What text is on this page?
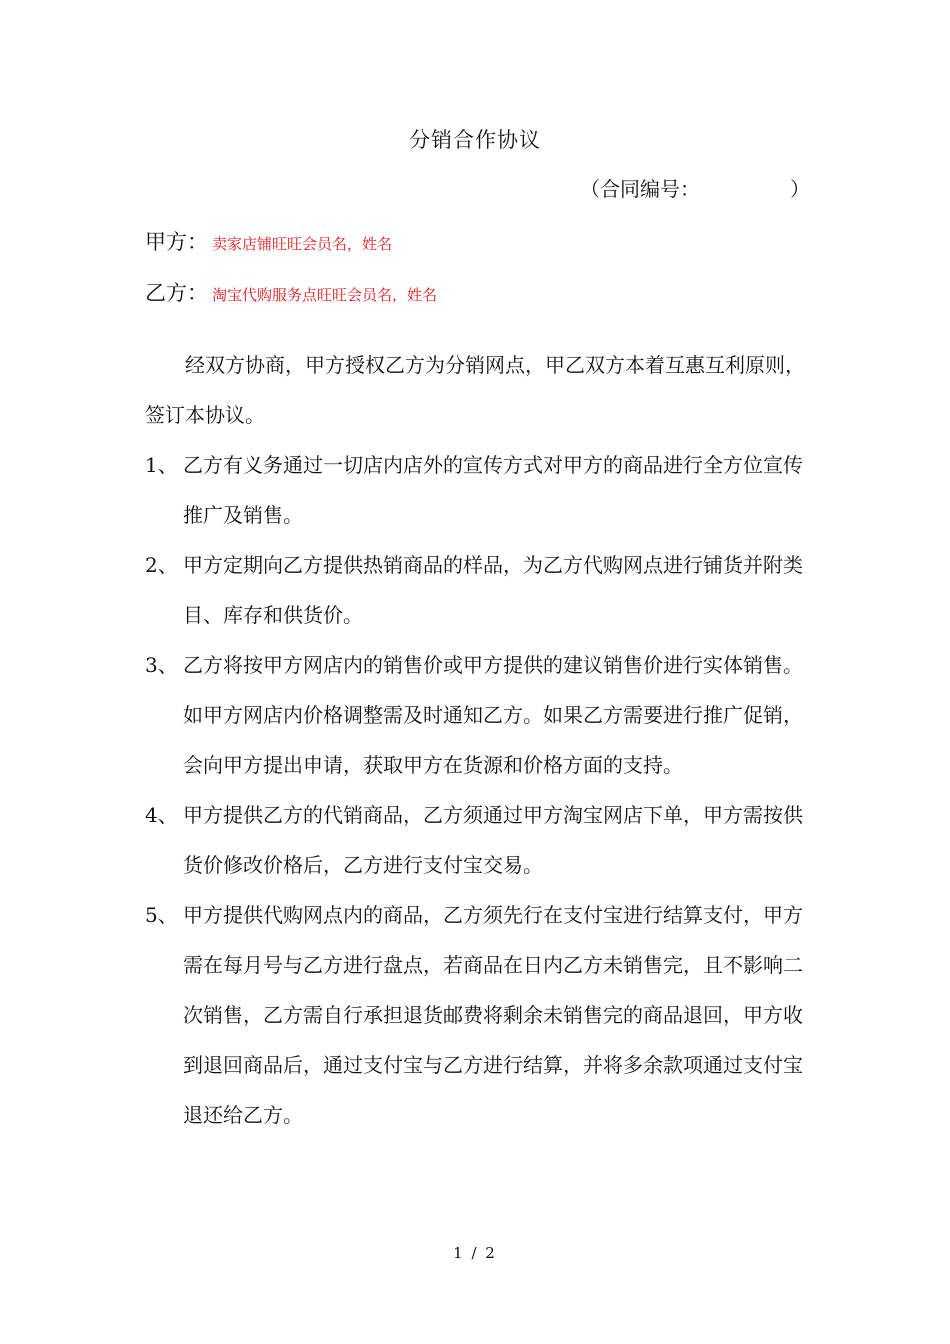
分销合作协议
（合同编号：　　　　　）
甲方： 卖家店铺旺旺会员名，姓名
乙方： 淘宝代购服务点旺旺会员名，姓名
经双方协商，甲方授权乙方为分销网点，甲乙双方本着互惠互利原则，签订本协议。
1、 乙方有义务通过一切店内店外的宣传方式对甲方的商品进行全方位宣传推广及销售。
2、 甲方定期向乙方提供热销商品的样品，为乙方代购网点进行铺货并附类目、库存和供货价。
3、 乙方将按甲方网店内的销售价或甲方提供的建议销售价进行实体销售。如甲方网店内价格调整需及时通知乙方。如果乙方需要进行推广促销，会向甲方提出申请，获取甲方在货源和价格方面的支持。
4、 甲方提供乙方的代销商品，乙方须通过甲方淘宝网店下单，甲方需按供货价修改价格后，乙方进行支付宝交易。
5、 甲方提供代购网点内的商品，乙方须先行在支付宝进行结算支付，甲方需在每月号与乙方进行盘点，若商品在日内乙方未销售完，且不影响二次销售，乙方需自行承担退货邮费将剩余未销售完的商品退回，甲方收到退回商品后，通过支付宝与乙方进行结算，并将多余款项通过支付宝退还给乙方。
1 / 2
